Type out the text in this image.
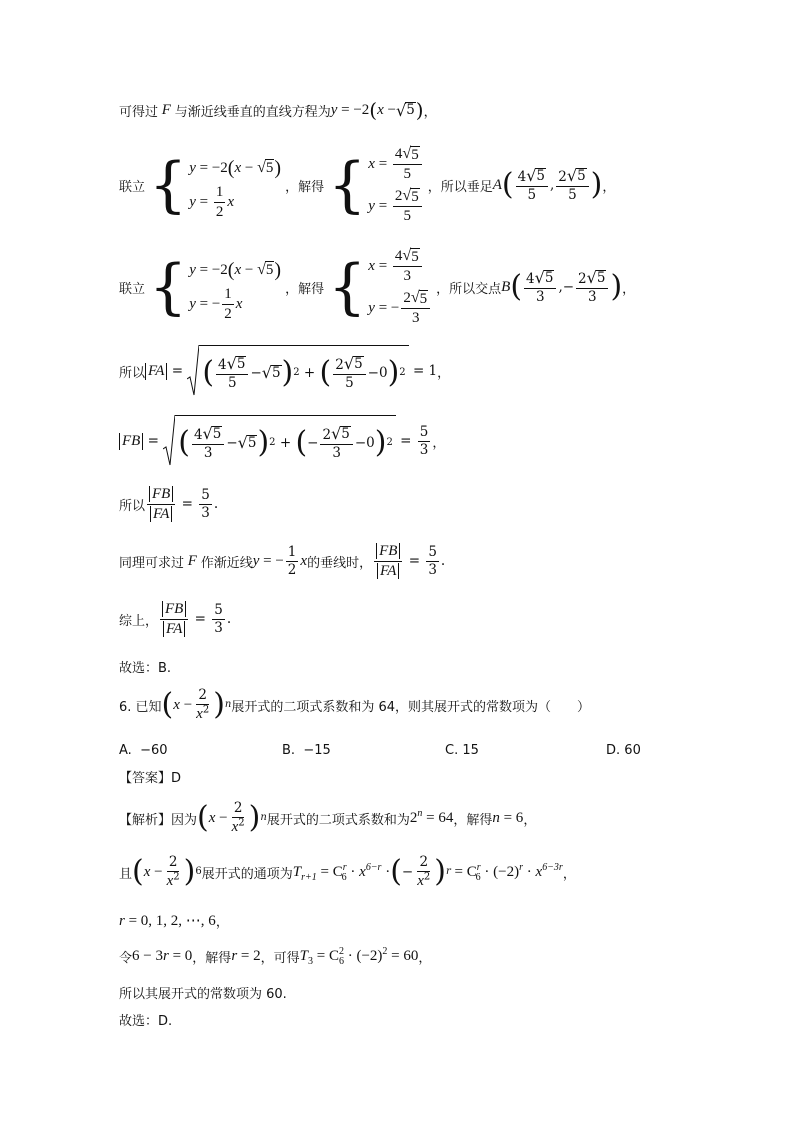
可得过 F 与渐近线垂直的直线方程为 y = −2 ( x − √ 5 ) ，
联立 { y = −2 ( x − √ 5 )
$y = \frac{1}{2}$ x
，解得 { $x = \frac{4 √ 5}{5}$
$y = \frac{2 √ 5}{5}$
，所以垂足 A ( $\frac{4 √ 5}{5}$ , $\frac{2 √ 5}{5}$ ) ，
联立 { y = −2 ( x − √ 5 )
y = − $\frac{1}{2}$ x
，解得 { $x = \frac{4 √ 5}{3}$
y = − $\frac{2 √ 5}{3}$
，所以交点 B ( $\frac{4 √ 5}{3}$ ,− $\frac{2 √ 5}{3}$ ) ，
所以 FA = ( $\frac{4 √ 5}{5}$ − √ 5 ) 2 + ( $\frac{2 √ 5}{5} -0$ ) 2 = 1 ，
FB = ( $\frac{4 √ 5}{3}$ − √ 5 ) 2 + ( − $\frac{2 √ 5}{3} -0$ ) $2 = \frac{5}{3}$ ，
所以 $\frac{FB}{FA} = \frac{5}{3}$ .
同理可求过 F 作渐近线 y = − $\frac{1}{2}$ x 的垂线时， $\frac{FB}{FA} = \frac{5}{3}$ .
综上， $\frac{FB}{FA} = \frac{5}{3}$ .
故选：B.
6. 已知 ( $x - \frac{2}{x^2}$ ) n 展开式的二项式系数和为 64，则其展开式的常数项为（　　）
A. −60	B. −15	C. 15	D. 60
【答案】D
【解析】因为 ( $x - \frac{2}{x^2}$ ) n 展开式的二项式系数和为 $2^n = 64$ ，解得 n = 6 ，
且 ( $x - \frac{2}{x^2}$ ) 6 展开式的通项为 $T_{r+1} = C^r_6 \cdot x^{6-r}$ · ( − $\frac{2}{x^2}$ ) $r = C^r_6 \cdot (-2)^r \cdot x^{6-3r}$ ，
r = 0, 1, 2, ⋯, 6 ，
令 6 − 3r = 0 ，解得 r = 2 ，可得 $T_3 = C^2_6 \cdot (-2)^2 = 60$ ，
所以其展开式的常数项为 60.
故选：D.
